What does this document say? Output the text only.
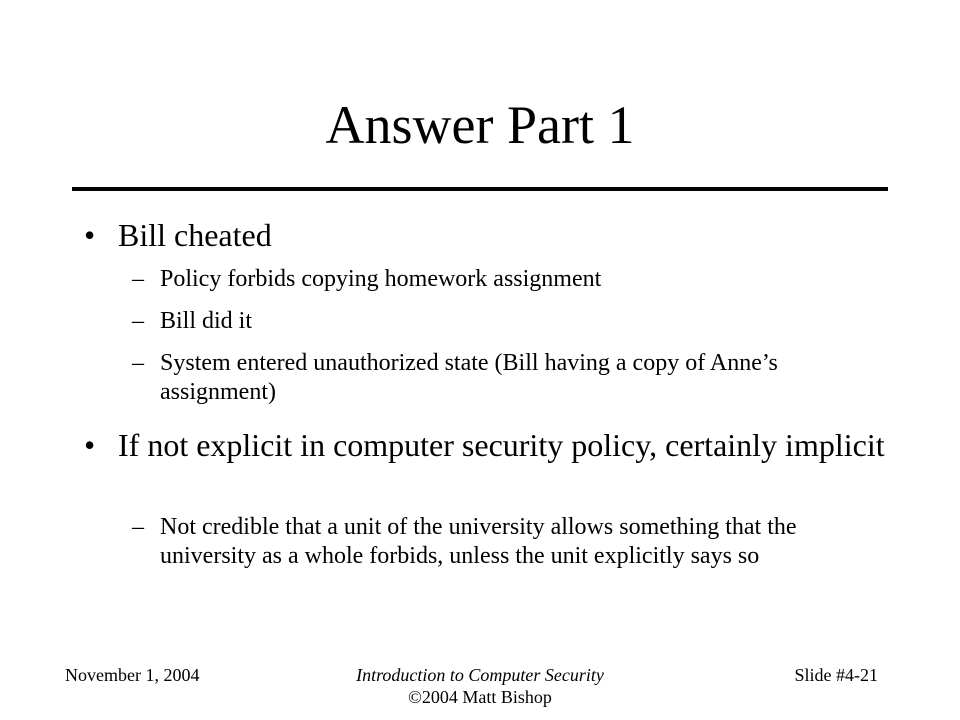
Answer Part 1
• Bill cheated
– Policy forbids copying homework assignment
– Bill did it
– System entered unauthorized state (Bill having a copy of Anne’s assignment)
• If not explicit in computer security policy, certainly implicit
– Not credible that a unit of the university allows something that the university as a whole forbids, unless the unit explicitly says so
November 1, 2004	Introduction to Computer Security
©2004 Matt Bishop
Slide #4-21
